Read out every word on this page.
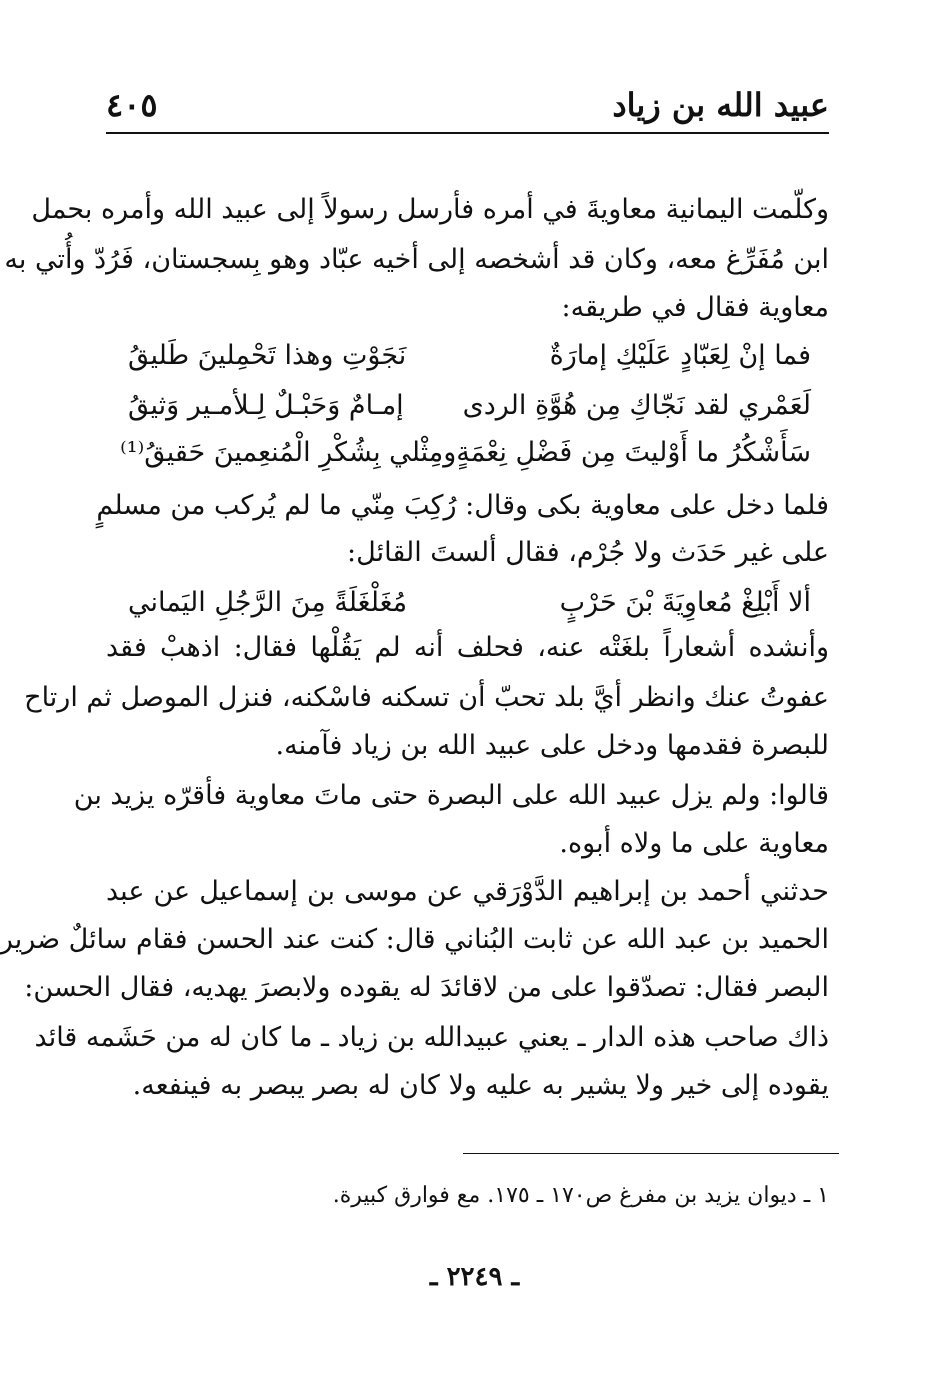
عبيد الله بن زياد
٤٠٥
وكلّمت اليمانية معاويةَ في أمره فأرسل رسولاً إلى عبيد الله وأمره بحمل
ابن مُفَرِّغ معه، وكان قد أشخصه إلى أخيه عبّاد وهو بِسجستان، فَرُدّ وأُتي به
معاوية فقال في طريقه:
فما إنْ لِعَبّادٍ عَلَيْكِ إمارَةٌ
نَجَوْتِ وهذا تَحْمِلينَ طَليقُ
لَعَمْري لقد نَجّاكِ مِن هُوَّةِ الردى
إمـامٌ وَحَبْـلٌ لِـلأمـير وَثيقُ
سَأَشْكُرُ ما أَوْليتَ مِن فَضْلِ نِعْمَةٍ
ومِثْلي بِشُكْرِ الْمُنعِمينَ حَقيقُ⁽¹⁾
فلما دخل على معاوية بكى وقال: رُكِبَ مِنّي ما لم يُركب من مسلمٍ
على غير حَدَث ولا جُرْم، فقال ألستَ القائل:
ألا أَبْلِغْ مُعاوِيَةَ بْنَ حَرْبٍ
مُغَلْغَلَةً مِنَ الرَّجُلِ اليَماني
وأنشده أشعاراً بلغَتْه عنه، فحلف أنه لم يَقُلْها فقال: اذهبْ فقد
عفوتُ عنك وانظر أيَّ بلد تحبّ أن تسكنه فاسْكنه، فنزل الموصل ثم ارتاح
للبصرة فقدمها ودخل على عبيد الله بن زياد فآمنه.
قالوا: ولم يزل عبيد الله على البصرة حتى ماتَ معاوية فأقرّه يزيد بن
معاوية على ما ولاه أبوه.
حدثني أحمد بن إبراهيم الدَّوْرَقي عن موسى بن إسماعيل عن عبد
الحميد بن عبد الله عن ثابت البُناني قال: كنت عند الحسن فقام سائلٌ ضرير
البصر فقال: تصدّقوا على من لاقائدَ له يقوده ولابصرَ يهديه، فقال الحسن:
ذاك صاحب هذه الدار ـ يعني عبيدالله بن زياد ـ ما كان له من حَشَمه قائد
يقوده إلى خير ولا يشير به عليه ولا كان له بصر يبصر به فينفعه.
١ ـ ديوان يزيد بن مفرغ ص١٧٠ ـ ١٧٥. مع فوارق كبيرة.
ـ ٢٢٤٩ ـ
